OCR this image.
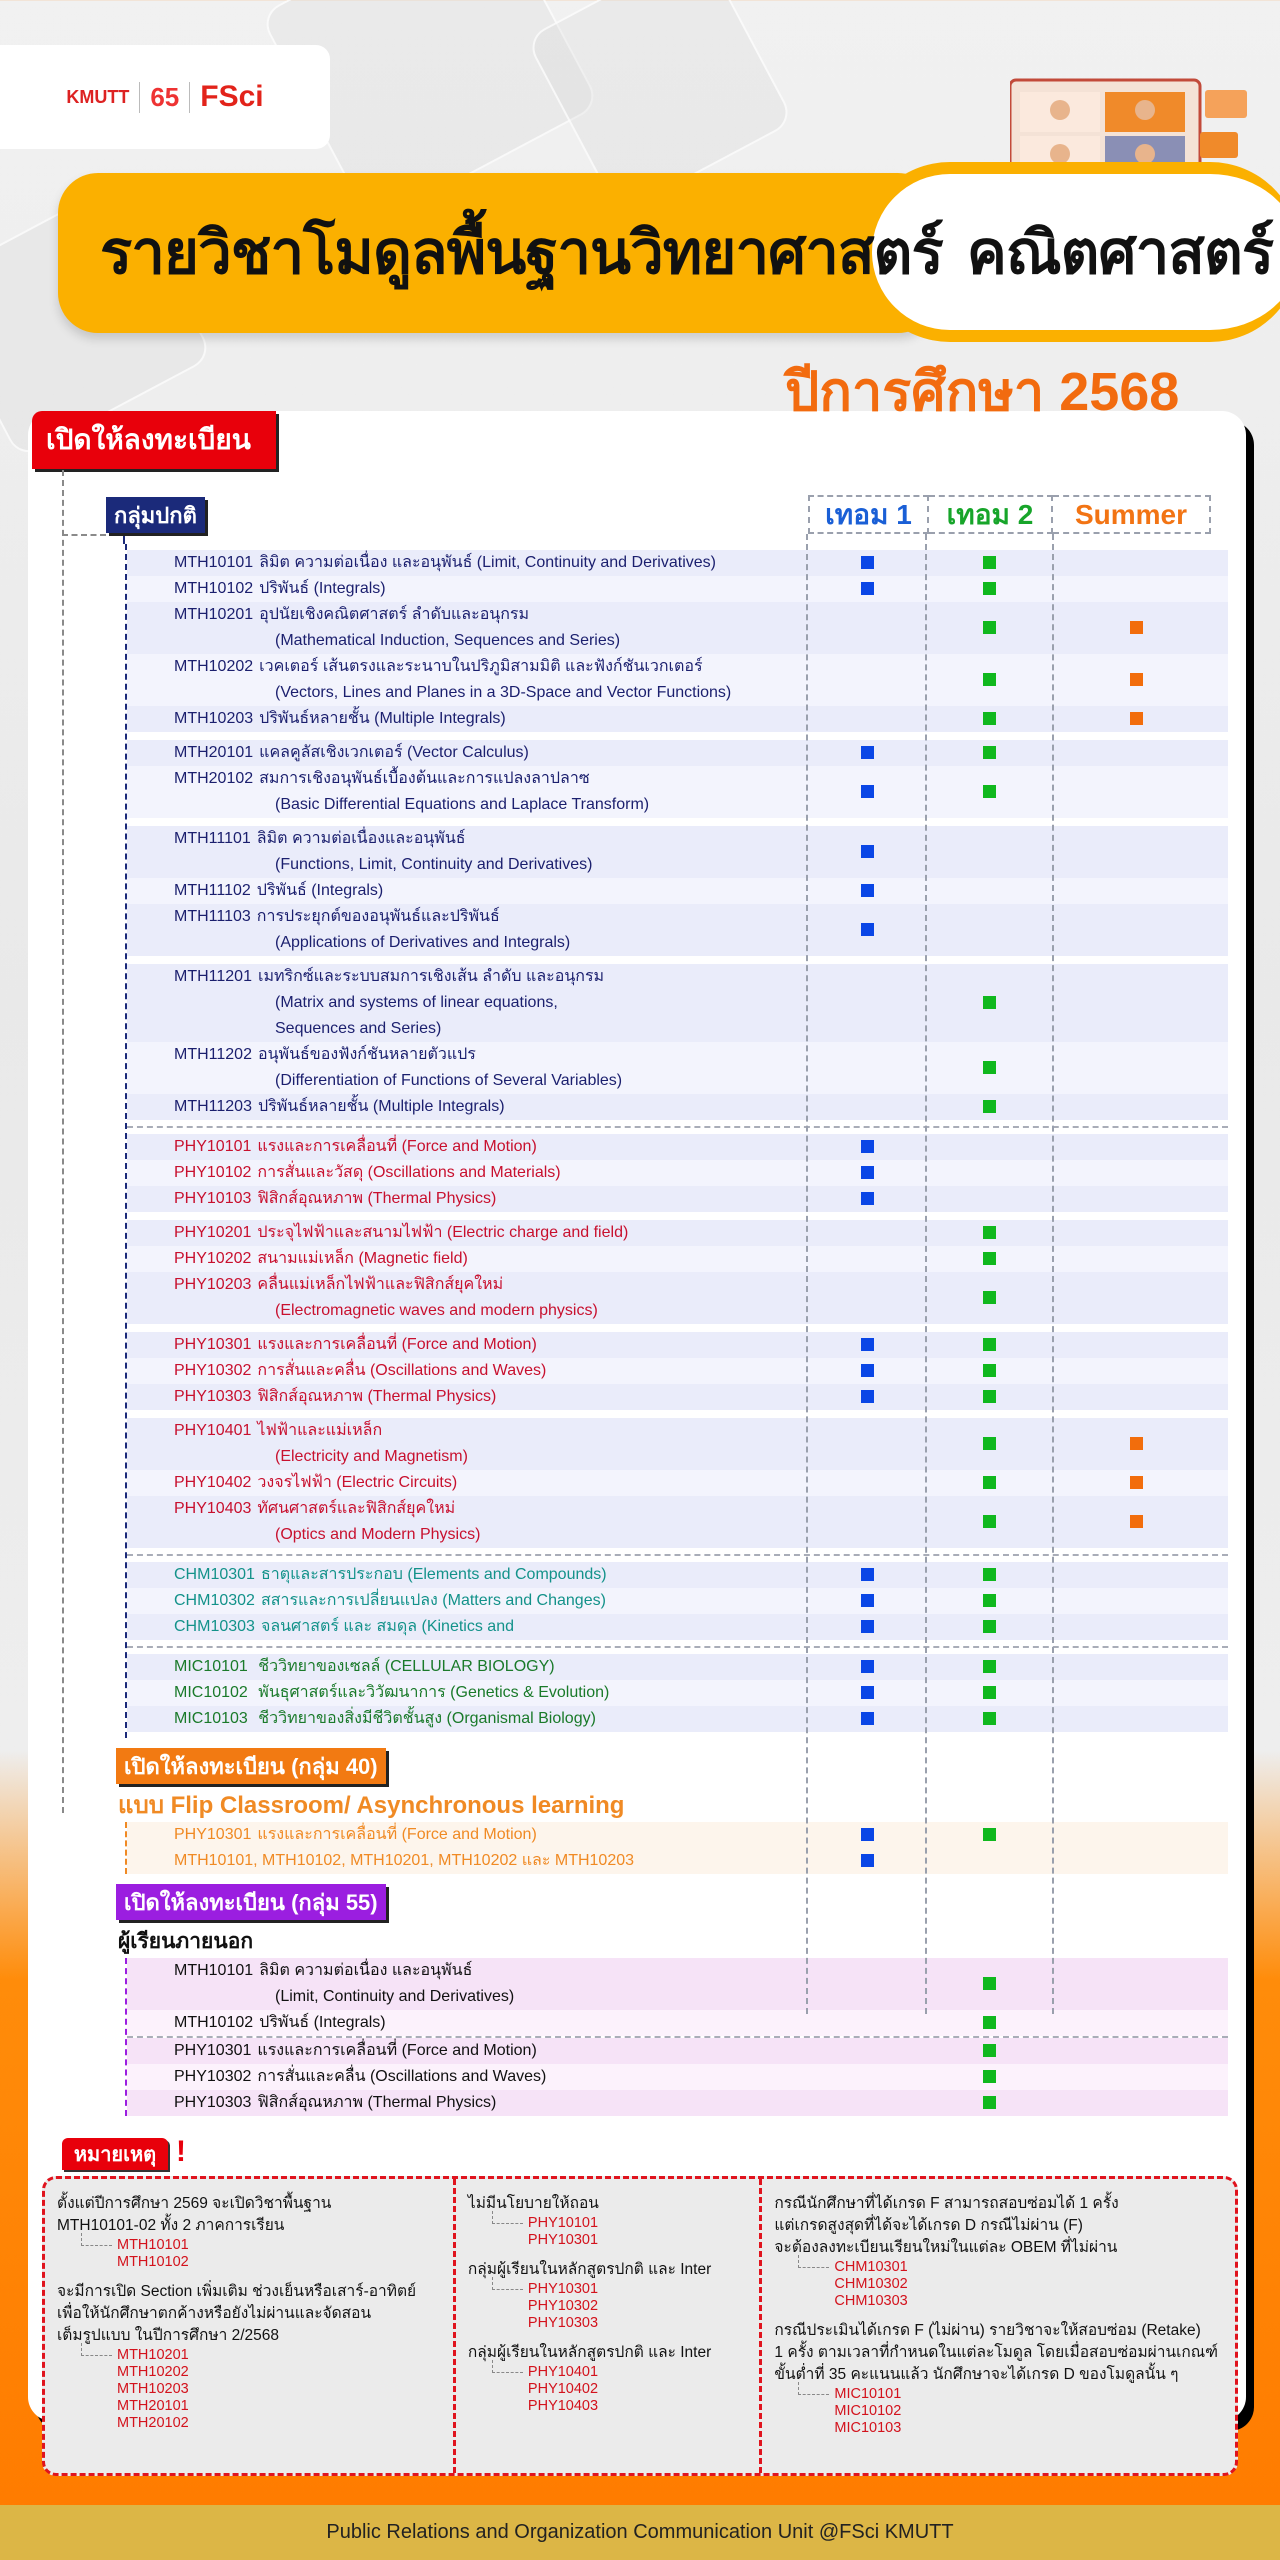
KMUTT 65 FSci
รายวิชาโมดูลพื้นฐานวิทยาศาสตร์ คณิตศาสตร์
ปีการศึกษา 2568
เปิดให้ลงทะเบียน
เทอม 1	เทอม 2	Summer
กลุ่มปกติ
MTH10101 ลิมิต ความต่อเนื่อง และอนุพันธ์ (Limit, Continuity and Derivatives)
MTH10102 ปริพันธ์ (Integrals)
MTH10201 อุปนัยเชิงคณิตศาสตร์ ลำดับและอนุกรม
(Mathematical Induction, Sequences and Series)
MTH10202 เวคเตอร์ เส้นตรงและระนาบในปริภูมิสามมิติ และฟังก์ชันเวกเตอร์
(Vectors, Lines and Planes in a 3D-Space and Vector Functions)
MTH10203 ปริพันธ์หลายชั้น (Multiple Integrals)
MTH20101 แคลคูลัสเชิงเวกเตอร์ (Vector Calculus)
MTH20102 สมการเชิงอนุพันธ์เบื้องต้นและการแปลงลาปลาซ
(Basic Differential Equations and Laplace Transform)
MTH11101 ลิมิต ความต่อเนื่องและอนุพันธ์
(Functions, Limit, Continuity and Derivatives)
MTH11102 ปริพันธ์ (Integrals)
MTH11103 การประยุกต์ของอนุพันธ์และปริพันธ์
(Applications of Derivatives and Integrals)
MTH11201 เมทริกซ์และระบบสมการเชิงเส้น ลำดับ และอนุกรม
(Matrix and systems of linear equations,
Sequences and Series)
MTH11202 อนุพันธ์ของฟังก์ชันหลายตัวแปร
(Differentiation of Functions of Several Variables)
MTH11203 ปริพันธ์หลายชั้น (Multiple Integrals)
PHY10101 แรงและการเคลื่อนที่ (Force and Motion)
PHY10102 การสั่นและวัสดุ (Oscillations and Materials)
PHY10103 ฟิสิกส์อุณหภาพ (Thermal Physics)
PHY10201 ประจุไฟฟ้าและสนามไฟฟ้า (Electric charge and field)
PHY10202 สนามแม่เหล็ก (Magnetic field)
PHY10203 คลื่นแม่เหล็กไฟฟ้าและฟิสิกส์ยุคใหม่
(Electromagnetic waves and modern physics)
PHY10301 แรงและการเคลื่อนที่ (Force and Motion)
PHY10302 การสั่นและคลื่น (Oscillations and Waves)
PHY10303 ฟิสิกส์อุณหภาพ (Thermal Physics)
PHY10401 ไฟฟ้าและแม่เหล็ก
(Electricity and Magnetism)
PHY10402 วงจรไฟฟ้า (Electric Circuits)
PHY10403 ทัศนศาสตร์และฟิสิกส์ยุคใหม่
(Optics and Modern Physics)
CHM10301 ธาตุและสารประกอบ (Elements and Compounds)
CHM10302 สสารและการเปลี่ยนแปลง (Matters and Changes)
CHM10303 จลนศาสตร์ และ สมดุล (Kinetics and
MIC10101 ชีววิทยาของเซลล์ (CELLULAR BIOLOGY)
MIC10102 พันธุศาสตร์และวิวัฒนาการ (Genetics & Evolution)
MIC10103 ชีววิทยาของสิ่งมีชีวิตชั้นสูง (Organismal Biology)
เปิดให้ลงทะเบียน (กลุ่ม 40)
แบบ Flip Classroom/ Asynchronous learning
PHY10301 แรงและการเคลื่อนที่ (Force and Motion)
MTH10101, MTH10102, MTH10201, MTH10202 และ MTH10203
เปิดให้ลงทะเบียน (กลุ่ม 55)
ผู้เรียนภายนอก
MTH10101 ลิมิต ความต่อเนื่อง และอนุพันธ์
(Limit, Continuity and Derivatives)
MTH10102 ปริพันธ์ (Integrals)
PHY10301 แรงและการเคลื่อนที่ (Force and Motion)
PHY10302 การสั่นและคลื่น (Oscillations and Waves)
PHY10303 ฟิสิกส์อุณหภาพ (Thermal Physics)
หมายเหตุ !
ตั้งแต่ปีการศึกษา 2569 จะเปิดวิชาพื้นฐาน
MTH10101-02 ทั้ง 2 ภาคการเรียน
MTH10101
MTH10102
จะมีการเปิด Section เพิ่มเติม ช่วงเย็นหรือเสาร์-อาทิตย์
เพื่อให้นักศึกษาตกค้างหรือยังไม่ผ่านและจัดสอน
เต็มรูปแบบ ในปีการศึกษา 2/2568
MTH10201
MTH10202
MTH10203
MTH20101
MTH20102
ไม่มีนโยบายให้ถอน
PHY10101
PHY10301
กลุ่มผู้เรียนในหลักสูตรปกติ และ Inter
PHY10301
PHY10302
PHY10303
กลุ่มผู้เรียนในหลักสูตรปกติ และ Inter
PHY10401
PHY10402
PHY10403
กรณีนักศึกษาที่ได้เกรด F สามารถสอบซ่อมได้ 1 ครั้ง
แต่เกรดสูงสุดที่ได้จะได้เกรด D กรณีไม่ผ่าน (F)
จะต้องลงทะเบียนเรียนใหม่ในแต่ละ OBEM ที่ไม่ผ่าน
CHM10301
CHM10302
CHM10303
กรณีประเมินได้เกรด F (ไม่ผ่าน) รายวิชาจะให้สอบซ่อม (Retake)
1 ครั้ง ตามเวลาที่กำหนดในแต่ละโมดูล โดยเมื่อสอบซ่อมผ่านเกณฑ์
ขั้นต่ำที่ 35 คะแนนแล้ว นักศึกษาจะได้เกรด D ของโมดูลนั้น ๆ
MIC10101
MIC10102
MIC10103
Public Relations and Organization Communication Unit @FSci KMUTT
